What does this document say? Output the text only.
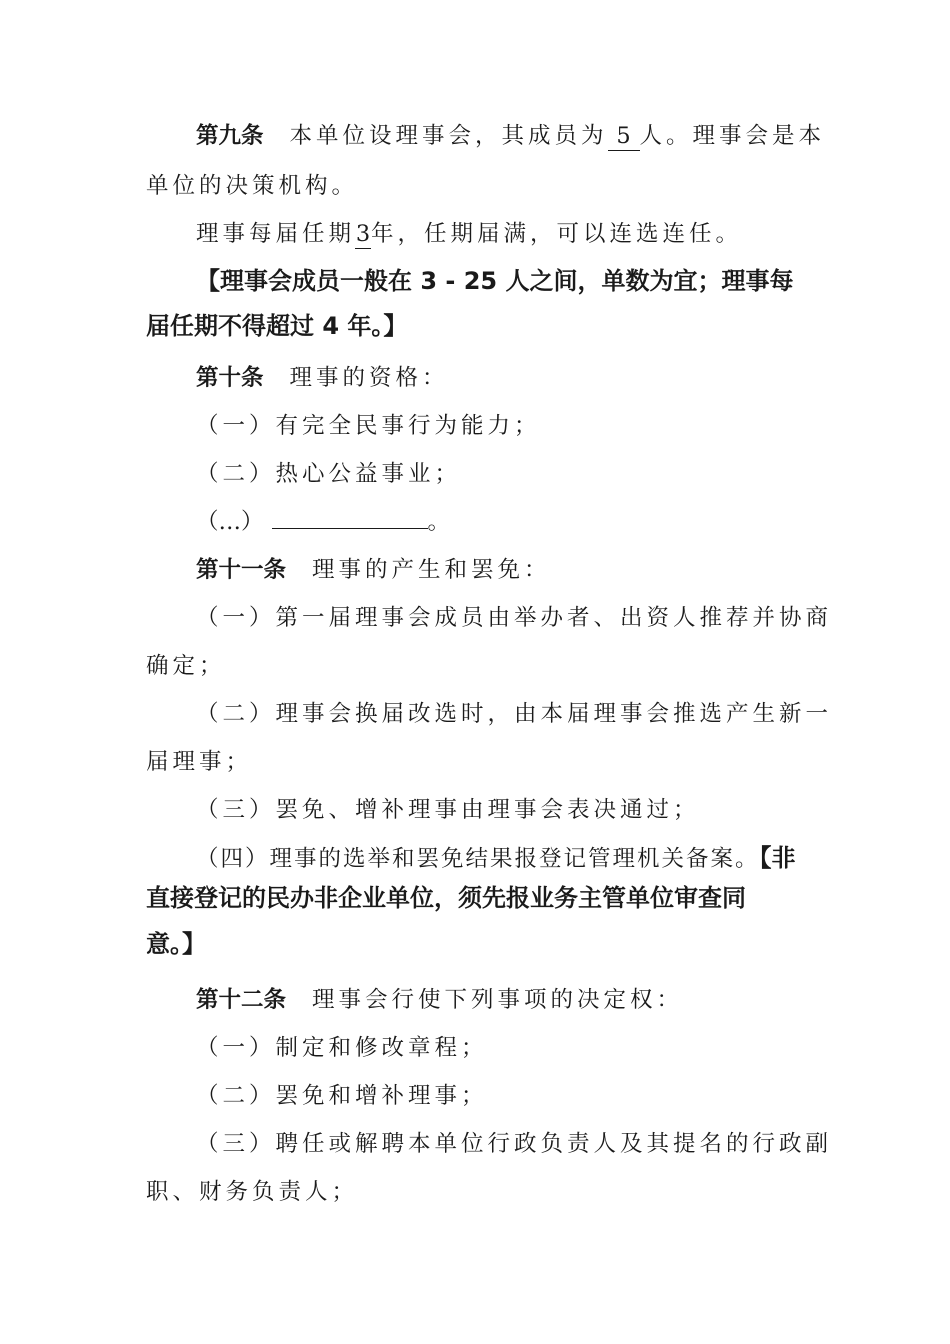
第九条 本单位设理事会，其成员为 5 人。理事会是本
单位的决策机构。
理事每届任期3年，任期届满，可以连选连任。
【理事会成员一般在 3 - 25 人之间，单数为宜；理事每
届任期不得超过 4 年。】
第十条 理事的资格：
（一）有完全民事行为能力；
（二）热心公益事业；
（…）	。
第十一条 理事的产生和罢免：
（一）第一届理事会成员由举办者、出资人推荐并协商
确定；
（二）理事会换届改选时，由本届理事会推选产生新一
届理事；
（三）罢免、增补理事由理事会表决通过；
（四）理事的选举和罢免结果报登记管理机关备案。【非
直接登记的民办非企业单位，须先报业务主管单位审查同
意。】
第十二条 理事会行使下列事项的决定权：
（一）制定和修改章程；
（二）罢免和增补理事；
（三）聘任或解聘本单位行政负责人及其提名的行政副
职、财务负责人；
